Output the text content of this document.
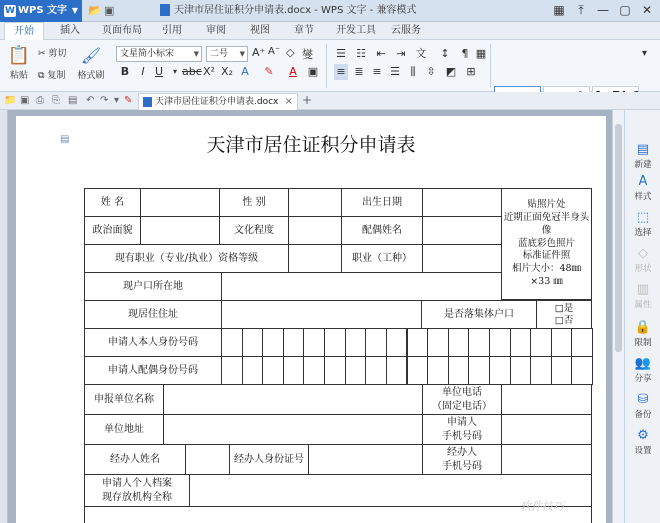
W WPS 文字 ▼ 📂 ▣	天津市居住证积分申请表.docx - WPS 文字 - 兼容模式	▦	⤒	— ▢ ✕
开始	插入	页面布局	引用	审阅	视图	章节	开发工具	云服务
📋
粘贴
✂ 剪切
⧉ 复制
🖌
格式刷
文星简小标宋	▼	二号 ▼ A⁺ A⁻ ◇ 燮
B	I U	▾ abc X² X₂ A ✎ A ▣
☰ ☷ ⇤ ⇥ 文 ↕	¶ ▦
≡ ≣ ≡ ☰ ⫼ ⇳ ◩ ⊞
▾
📁 ▣ ⎙ ⎘ ▤ ↶ ↷ ▾ ✎	天津市居住证积分申请表.docx × +
▤	天津市居住证积分申请表
姓 名	性 别	出生日期	贴照片处
近期正面免冠半身头像
蓝底彩色照片
标准证件照
相片大小：48㎜×33 ㎜
政治面貌	文化程度	配偶姓名
现有职业（专业/执业）资格等级	职业（工种）
现户口所在地
现居住住址	是否落集体户口
□是
□否
申请人本人身份号码
申请人配偶身份号码
申报单位名称
单位电话
（固定电话）
单位地址
申请人
手机号码
经办人姓名	经办人身份证号
经办人
手机号码
申请人个人档案
现存放机构全称
▤
新建
A
样式
⬚
选择
◇
形状
▥
属性
🔒
限制
👥
分享
⛁
备份
⚙
设置
软件技巧
